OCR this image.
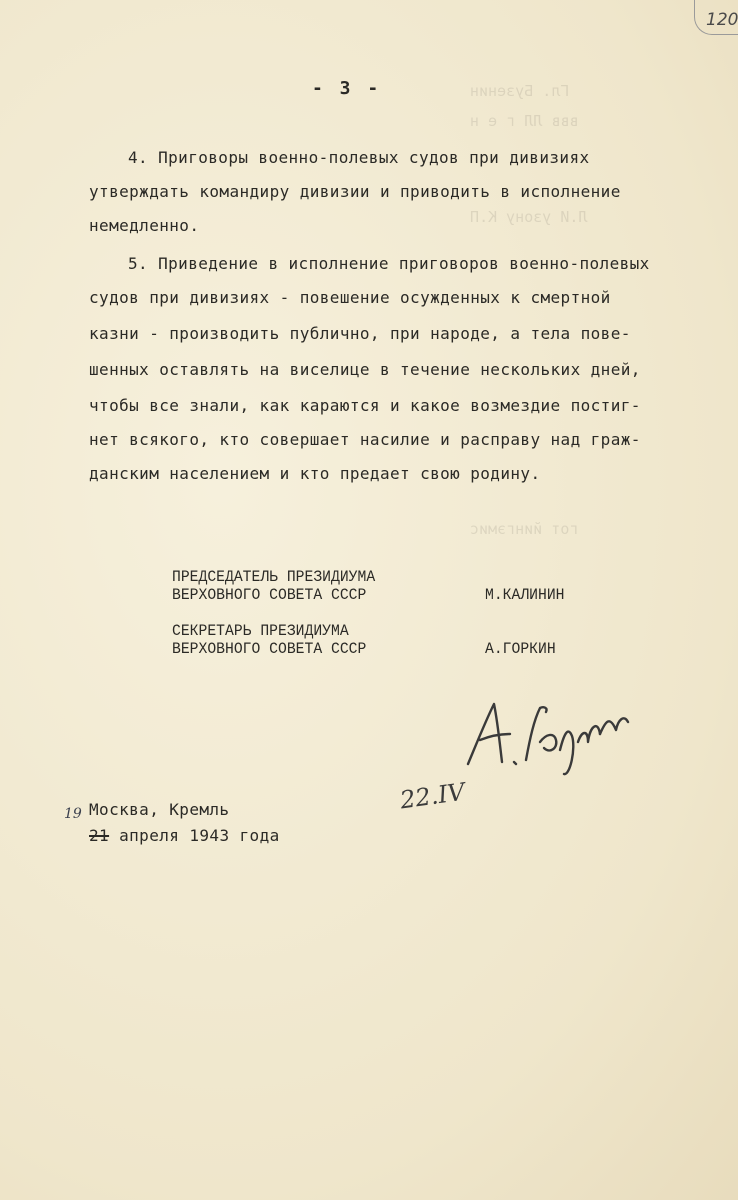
120
Гл. Бузенин
ввв ЛЛ г е н
Л.И узону К.П
гот йингэмис
- 3 -
4. Приговоры военно-полевых судов при дивизиях
утверждать командиру дивизии и приводить в исполнение
немедленно.
5. Приведение в исполнение приговоров военно-полевых
судов при дивизиях - повешение осужденных к смертной
казни - производить публично, при народе, а тела пове-
шенных оставлять на виселице в течение нескольких дней,
чтобы все знали, как караются и какое возмездие постиг-
нет всякого, кто совершает насилие и расправу над граж-
данским населением и кто предает свою родину.
ПРЕДСЕДАТЕЛЬ ПРЕЗИДИУМА
ВЕРХОВНОГО СОВЕТА СССР	М.КАЛИНИН
СЕКРЕТАРЬ ПРЕЗИДИУМА
ВЕРХОВНОГО СОВЕТА СССР	А.ГОРКИН
22.IV
Москва, Кремль
19
21 апреля 1943 года
